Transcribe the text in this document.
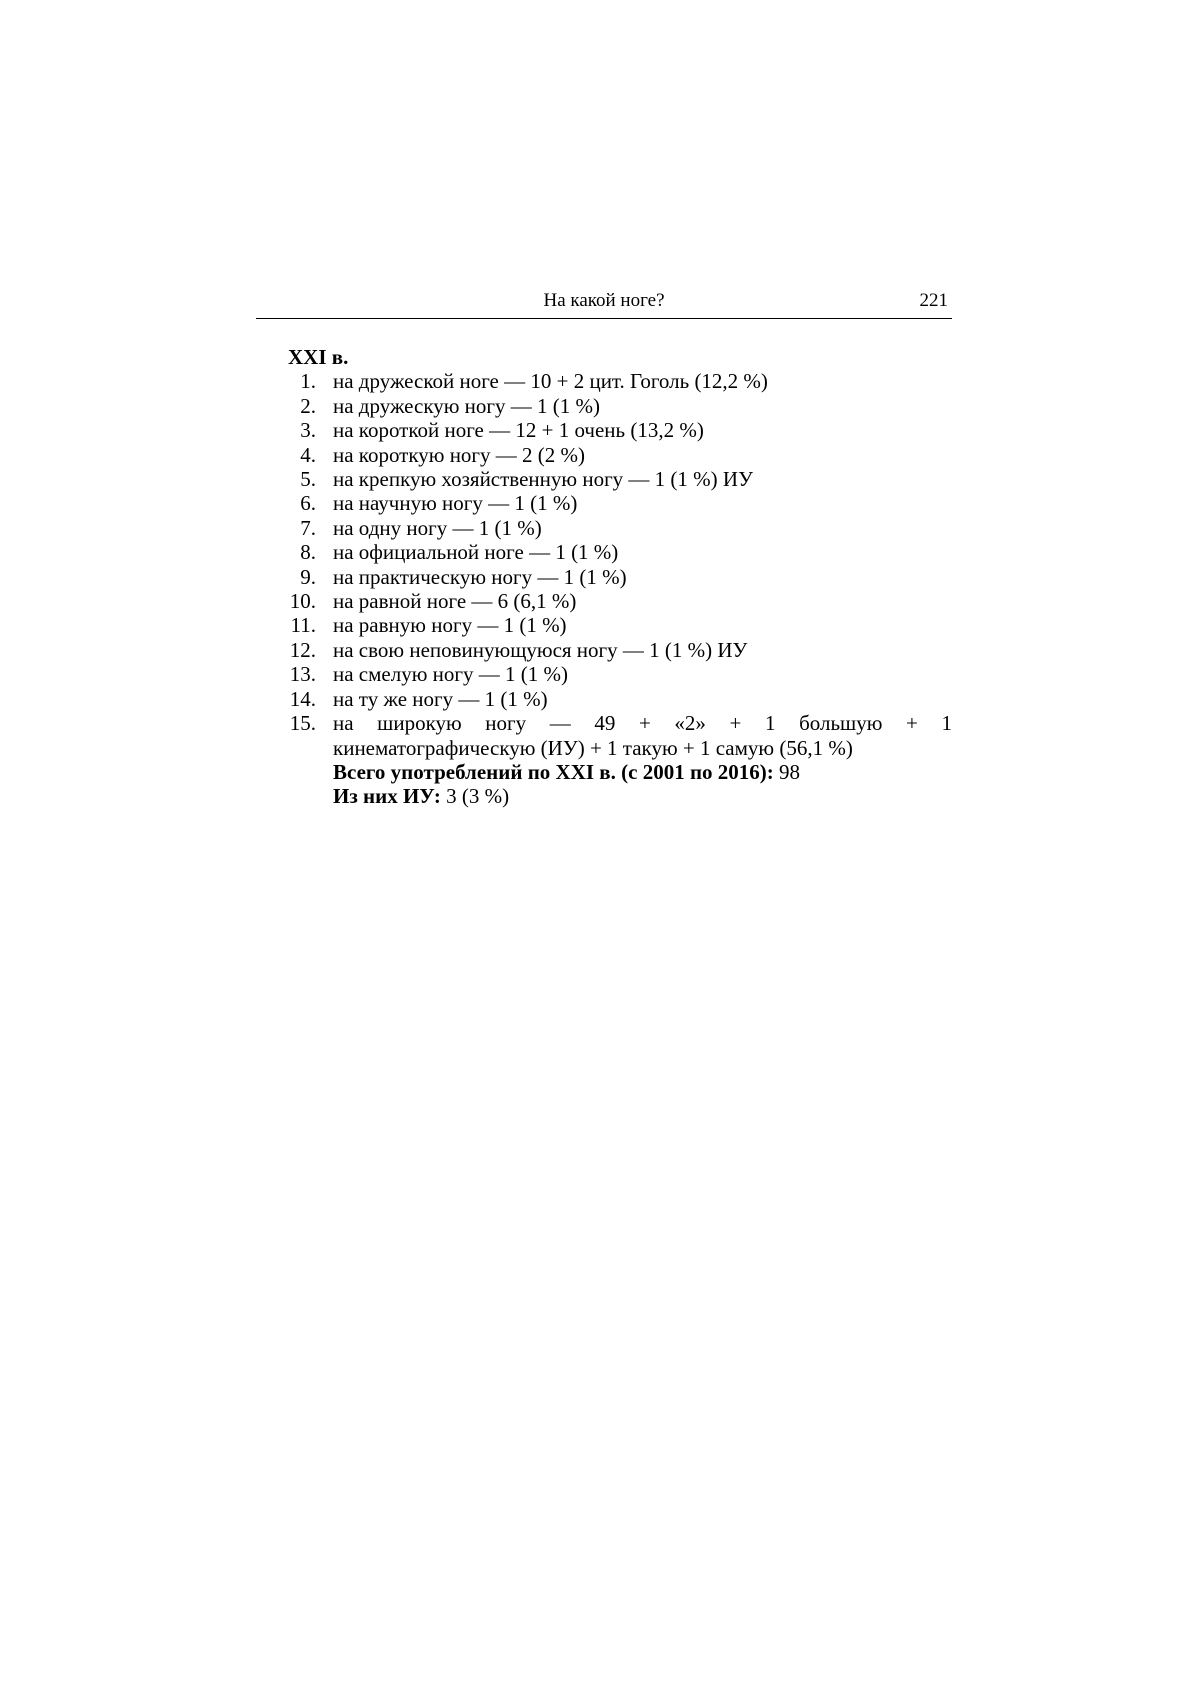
На какой ноге?	221
XXI в.
1. на дружеской ноге — 10 + 2 цит. Гоголь (12,2 %)
2. на дружескую ногу — 1 (1 %)
3. на короткой ноге — 12 + 1 очень (13,2 %)
4. на короткую ногу — 2 (2 %)
5. на крепкую хозяйственную ногу — 1 (1 %) ИУ
6. на научную ногу — 1 (1 %)
7. на одну ногу — 1 (1 %)
8. на официальной ноге — 1 (1 %)
9. на практическую ногу — 1 (1 %)
10. на равной ноге — 6 (6,1 %)
11. на равную ногу — 1 (1 %)
12. на свою неповинующуюся ногу — 1 (1 %) ИУ
13. на смелую ногу — 1 (1 %)
14. на ту же ногу — 1 (1 %)
15. на широкую ногу — 49 + «2» + 1 большую + 1 кинематографическую (ИУ) + 1 такую + 1 самую (56,1 %)
Всего употреблений по XXI в. (с 2001 по 2016): 98
Из них ИУ: 3 (3 %)
